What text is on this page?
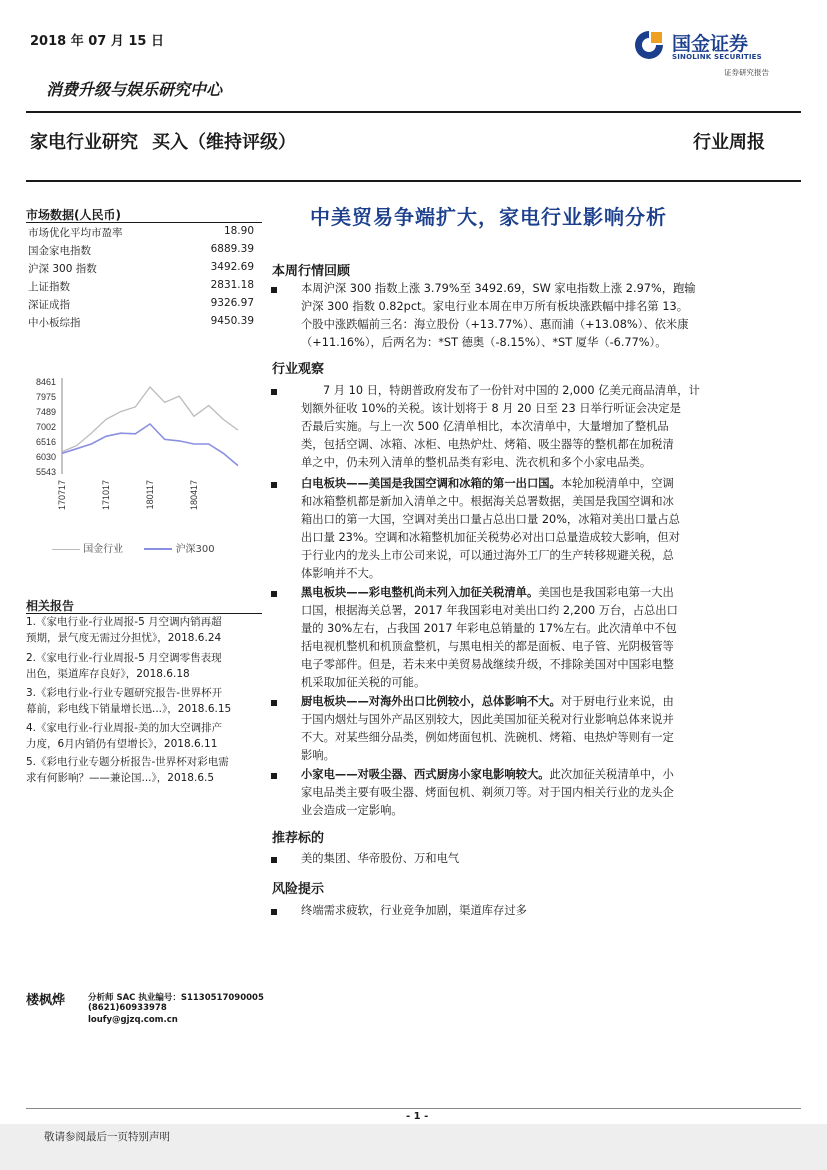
2018 年 07 月 15 日	国金证券
SINOLINK SECURITIES
证券研究报告
消费升级与娱乐研究中心
家电行业研究 买入（维持评级）	行业周报
中美贸易争端扩大，家电行业影响分析
市场数据(人民币)
市场优化平均市盈率	18.90
国金家电指数	6889.39
沪深 300 指数	3492.69
上证指数	2831.18
深证成指	9326.97
中小板综指	9450.39
8461
7975
7489
7002
6516
6030
5543
170717	171017	180117	180417
国金行业	沪深300
相关报告
1.《家电行业-行业周报-5 月空调内销再超
预期，景气度无需过分担忧》，2018.6.24
2.《家电行业-行业周报-5 月空调零售表现
出色，渠道库存良好》，2018.6.18
3.《彩电行业-行业专题研究报告-世界杯开
幕前，彩电线下销量增长迅...》，2018.6.15
4.《家电行业-行业周报-美的加大空调排产
力度，6月内销仍有望增长》，2018.6.11
5.《彩电行业专题分析报告-世界杯对彩电需
求有何影响？——兼论国...》，2018.6.5
本周行情回顾
本周沪深 300 指数上涨 3.79%至 3492.69，SW 家电指数上涨 2.97%，跑输
沪深 300 指数 0.82pct。家电行业本周在申万所有板块涨跌幅中排名第 13。
个股中涨跌幅前三名：海立股份（+13.77%）、惠而浦（+13.08%）、依米康
（+11.16%），后两名为：*ST 德奥（-8.15%）、*ST 厦华（-6.77%）。
行业观察
7 月 10 日，特朗普政府发布了一份针对中国的 2,000 亿美元商品清单，计
划额外征收 10%的关税。该计划将于 8 月 20 日至 23 日举行听证会决定是
否最后实施。与上一次 500 亿清单相比，本次清单中，大量增加了整机品
类，包括空调、冰箱、冰柜、电热炉灶、烤箱、吸尘器等的整机都在加税清
单之中，仍未列入清单的整机品类有彩电、洗衣机和多个小家电品类。
白电板块——美国是我国空调和冰箱的第一出口国。本轮加税清单中，空调
和冰箱整机都是新加入清单之中。根据海关总署数据，美国是我国空调和冰
箱出口的第一大国，空调对美出口量占总出口量 20%，冰箱对美出口量占总
出口量 23%。空调和冰箱整机加征关税势必对出口总量造成较大影响，但对
于行业内的龙头上市公司来说，可以通过海外工厂的生产转移规避关税，总
体影响并不大。
黑电板块——彩电整机尚未列入加征关税清单。美国也是我国彩电第一大出
口国，根据海关总署，2017 年我国彩电对美出口约 2,200 万台，占总出口
量的 30%左右，占我国 2017 年彩电总销量的 17%左右。此次清单中不包
括电视机整机和机顶盒整机，与黑电相关的都是面板、电子管、光阴极管等
电子零部件。但是，若未来中美贸易战继续升级，不排除美国对中国彩电整
机采取加征关税的可能。
厨电板块——对海外出口比例较小，总体影响不大。对于厨电行业来说，由
于国内烟灶与国外产品区别较大，因此美国加征关税对行业影响总体来说并
不大。对某些细分品类，例如烤面包机、洗碗机、烤箱、电热炉等则有一定
影响。
小家电——对吸尘器、西式厨房小家电影响较大。此次加征关税清单中，小
家电品类主要有吸尘器、烤面包机、剃须刀等。对于国内相关行业的龙头企
业会造成一定影响。
推荐标的
美的集团、华帝股份、万和电气
风险提示
终端需求疲软，行业竞争加剧，渠道库存过多
楼枫烨	分析师 SAC 执业编号：S1130517090005
(8621)60933978
loufy@gjzq.com.cn
- 1 -
敬请参阅最后一页特别声明
